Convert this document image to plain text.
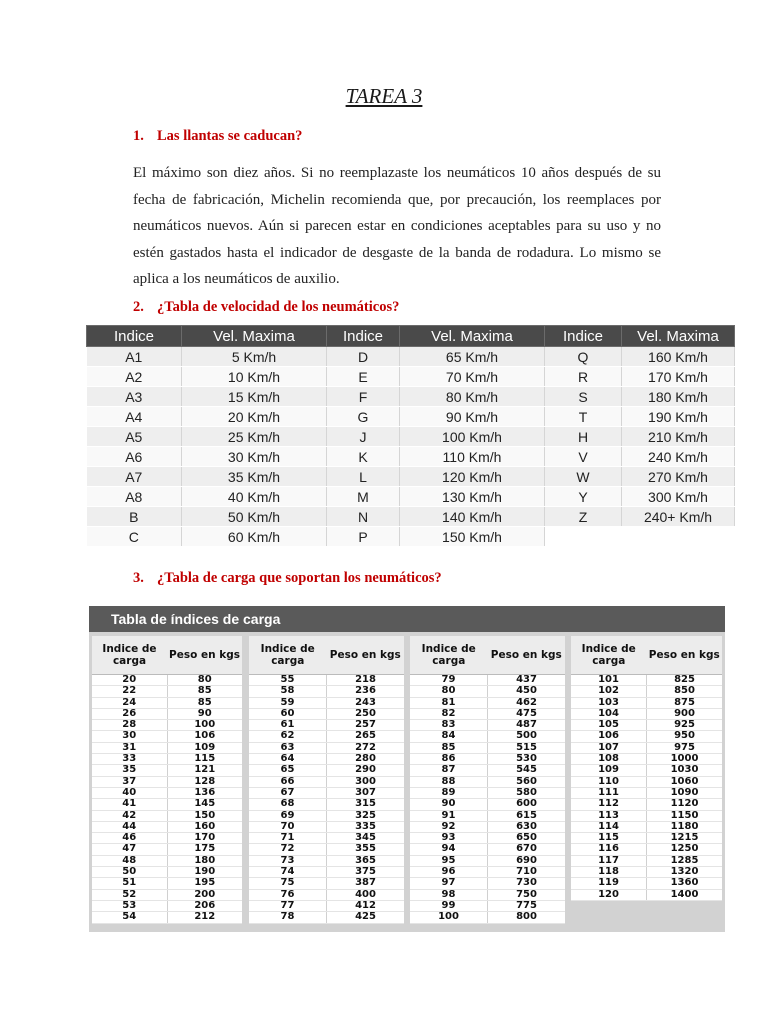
TAREA 3
1. Las llantas se caducan?
El máximo son diez años. Si no reemplazaste los neumáticos 10 años después de su fecha de fabricación, Michelin recomienda que, por precaución, los reemplaces por neumáticos nuevos. Aún si parecen estar en condiciones aceptables para su uso y no estén gastados hasta el indicador de desgaste de la banda de rodadura. Lo mismo se aplica a los neumáticos de auxilio.
2. ¿Tabla de velocidad de los neumáticos?
Indice	Vel. Maxima	Indice	Vel. Maxima	Indice	Vel. Maxima
A1	5 Km/h	D	65 Km/h	Q	160 Km/h
A2	10 Km/h	E	70 Km/h	R	170 Km/h
A3	15 Km/h	F	80 Km/h	S	180 Km/h
A4	20 Km/h	G	90 Km/h	T	190 Km/h
A5	25 Km/h	J	100 Km/h	H	210 Km/h
A6	30 Km/h	K	110 Km/h	V	240 Km/h
A7	35 Km/h	L	120 Km/h	W	270 Km/h
A8	40 Km/h	M	130 Km/h	Y	300 Km/h
B	50 Km/h	N	140 Km/h	Z	240+ Km/h
C	60 Km/h	P	150 Km/h		
3. ¿Tabla de carga que soportan los neumáticos?
Tabla de índices de carga
Indice de carga	Peso en kgs
20	80
22	85
24	85
26	90
28	100
30	106
31	109
33	115
35	121
37	128
40	136
41	145
42	150
44	160
46	170
47	175
48	180
50	190
51	195
52	200
53	206
54	212
Indice de carga	Peso en kgs
55	218
58	236
59	243
60	250
61	257
62	265
63	272
64	280
65	290
66	300
67	307
68	315
69	325
70	335
71	345
72	355
73	365
74	375
75	387
76	400
77	412
78	425
Indice de carga	Peso en kgs
79	437
80	450
81	462
82	475
83	487
84	500
85	515
86	530
87	545
88	560
89	580
90	600
91	615
92	630
93	650
94	670
95	690
96	710
97	730
98	750
99	775
100	800
Indice de carga	Peso en kgs
101	825
102	850
103	875
104	900
105	925
106	950
107	975
108	1000
109	1030
110	1060
111	1090
112	1120
113	1150
114	1180
115	1215
116	1250
117	1285
118	1320
119	1360
120	1400
